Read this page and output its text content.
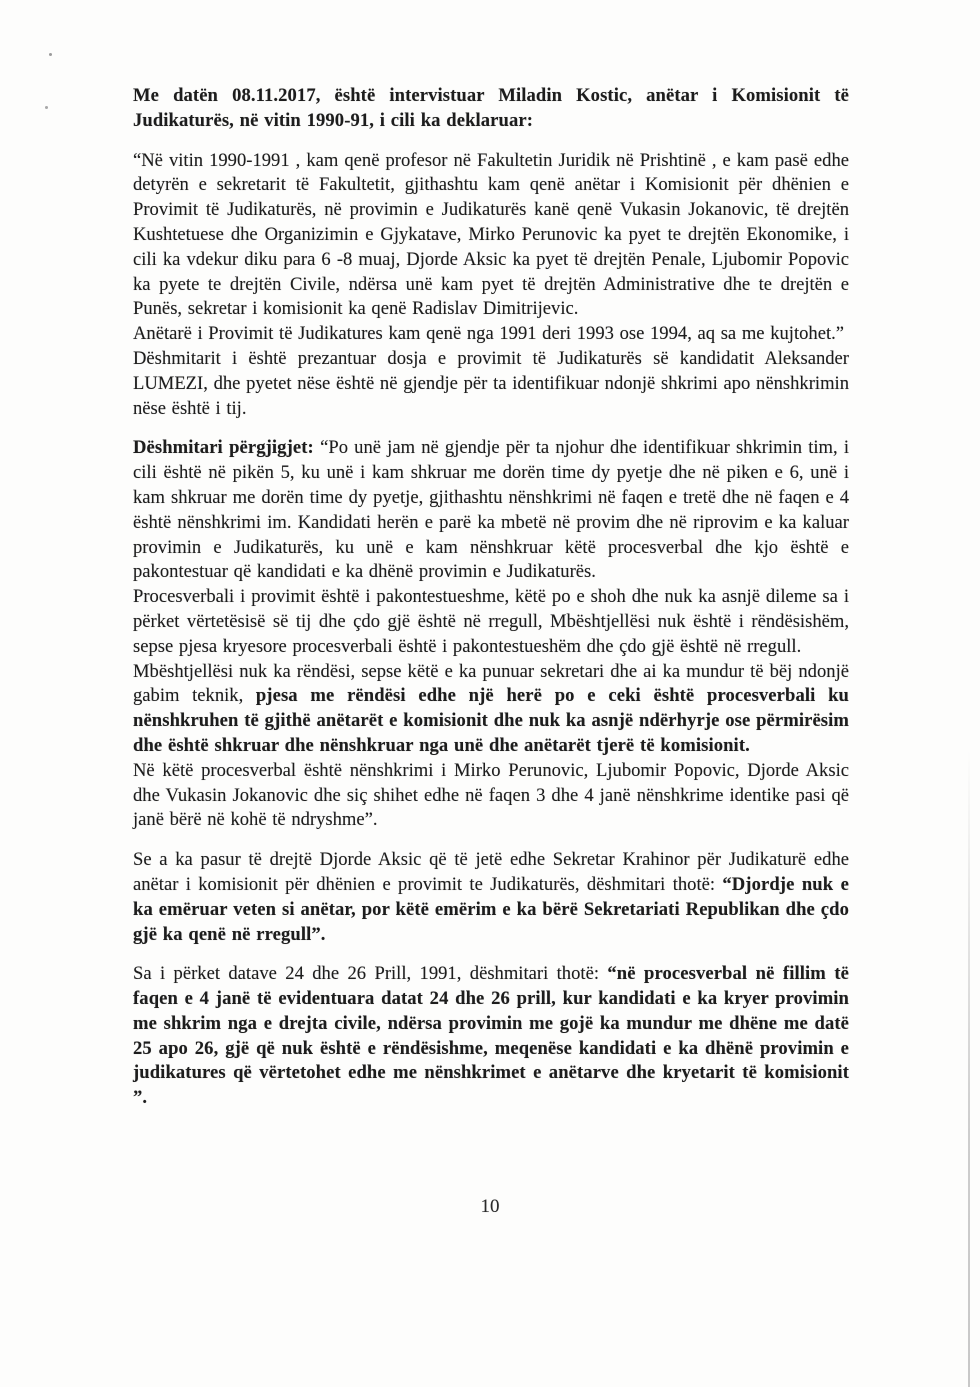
Me datën 08.11.2017, është intervistuar Miladin Kostic, anëtar i Komisionit të Judikaturës, në vitin 1990-91, i cili ka deklaruar:

“Në vitin 1990-1991 , kam qenë profesor në Fakultetin Juridik në Prishtinë , e kam pasë edhe detyrën e sekretarit të Fakultetit, gjithashtu kam qenë anëtar i Komisionit për dhënien e Provimit të Judikaturës, në provimin e Judikaturës kanë qenë Vukasin Jokanovic, të drejtën Kushtetuese dhe Organizimin e Gjykatave, Mirko Perunovic ka pyet te drejtën Ekonomike, i cili ka vdekur diku para 6 -8 muaj, Djorde Aksic ka pyet të drejtën Penale, Ljubomir Popovic ka pyete te drejtën Civile, ndërsa unë kam pyet të drejtën Administrative dhe te drejtën e Punës, sekretar i komisionit ka qenë Radislav Dimitrijevic.

Anëtarë i Provimit të Judikatures kam qenë nga 1991 deri 1993 ose 1994, aq sa me kujtohet.”

Dëshmitarit i është prezantuar dosja e provimit të Judikaturës së kandidatit Aleksander LUMEZI, dhe pyetet nëse është në gjendje për ta identifikuar ndonjë shkrimi apo nënshkrimin nëse është i tij.

Dëshmitari përgjigjet: “Po unë jam në gjendje për ta njohur dhe identifikuar shkrimin tim, i cili është në pikën 5, ku unë i kam shkruar me dorën time dy pyetje dhe në piken e 6, unë i kam shkruar me dorën time dy pyetje, gjithashtu nënshkrimi në faqen e tretë dhe në faqen e 4 është nënshkrimi im. Kandidati herën e parë ka mbetë në provim dhe në riprovim e ka kaluar provimin e Judikaturës, ku unë e kam nënshkruar këtë procesverbal dhe kjo është e pakontestuar që kandidati e ka dhënë provimin e Judikaturës.

Procesverbali i provimit është i pakontestueshme, këtë po e shoh dhe nuk ka asnjë dileme sa i përket vërtetësisë së tij dhe çdo gjë është në rregull, Mbështjellësi nuk është i rëndësishëm, sepse pjesa kryesore procesverbali është i pakontestueshëm dhe çdo gjë është në rregull.

Mbështjellësi nuk ka rëndësi, sepse këtë e ka punuar sekretari dhe ai ka mundur të bëj ndonjë gabim teknik, pjesa me rëndësi edhe një herë po e ceki është procesverbali ku nënshkruhen të gjithë anëtarët e komisionit dhe nuk ka asnjë ndërhyrje ose përmirësim dhe është shkruar dhe nënshkruar nga unë dhe anëtarët tjerë të komisionit.

Në këtë procesverbal është nënshkrimi i Mirko Perunovic, Ljubomir Popovic, Djorde Aksic dhe Vukasin Jokanovic dhe siç shihet edhe në faqen 3 dhe 4 janë nënshkrime identike pasi që janë bërë në kohë të ndryshme”.

Se a ka pasur të drejtë Djorde Aksic që të jetë edhe Sekretar Krahinor për Judikaturë edhe anëtar i komisionit për dhënien e provimit te Judikaturës, dëshmitari thotë: “Djordje nuk e ka emëruar veten si anëtar, por këtë emërim e ka bërë Sekretariati Republikan dhe çdo gjë ka qenë në rregull”.

Sa i përket datave 24 dhe 26 Prill, 1991, dëshmitari thotë: “në procesverbal në fillim të faqen e 4 janë të evidentuara datat 24 dhe 26 prill, kur kandidati e ka kryer provimin me shkrim nga e drejta civile, ndërsa provimin me gojë ka mundur me dhëne me datë 25 apo 26, gjë që nuk është e rëndësishme, meqenëse kandidati e ka dhënë provimin e judikatures që vërtetohet edhe me nënshkrimet e anëtarve dhe kryetarit të komisionit ”.

10
